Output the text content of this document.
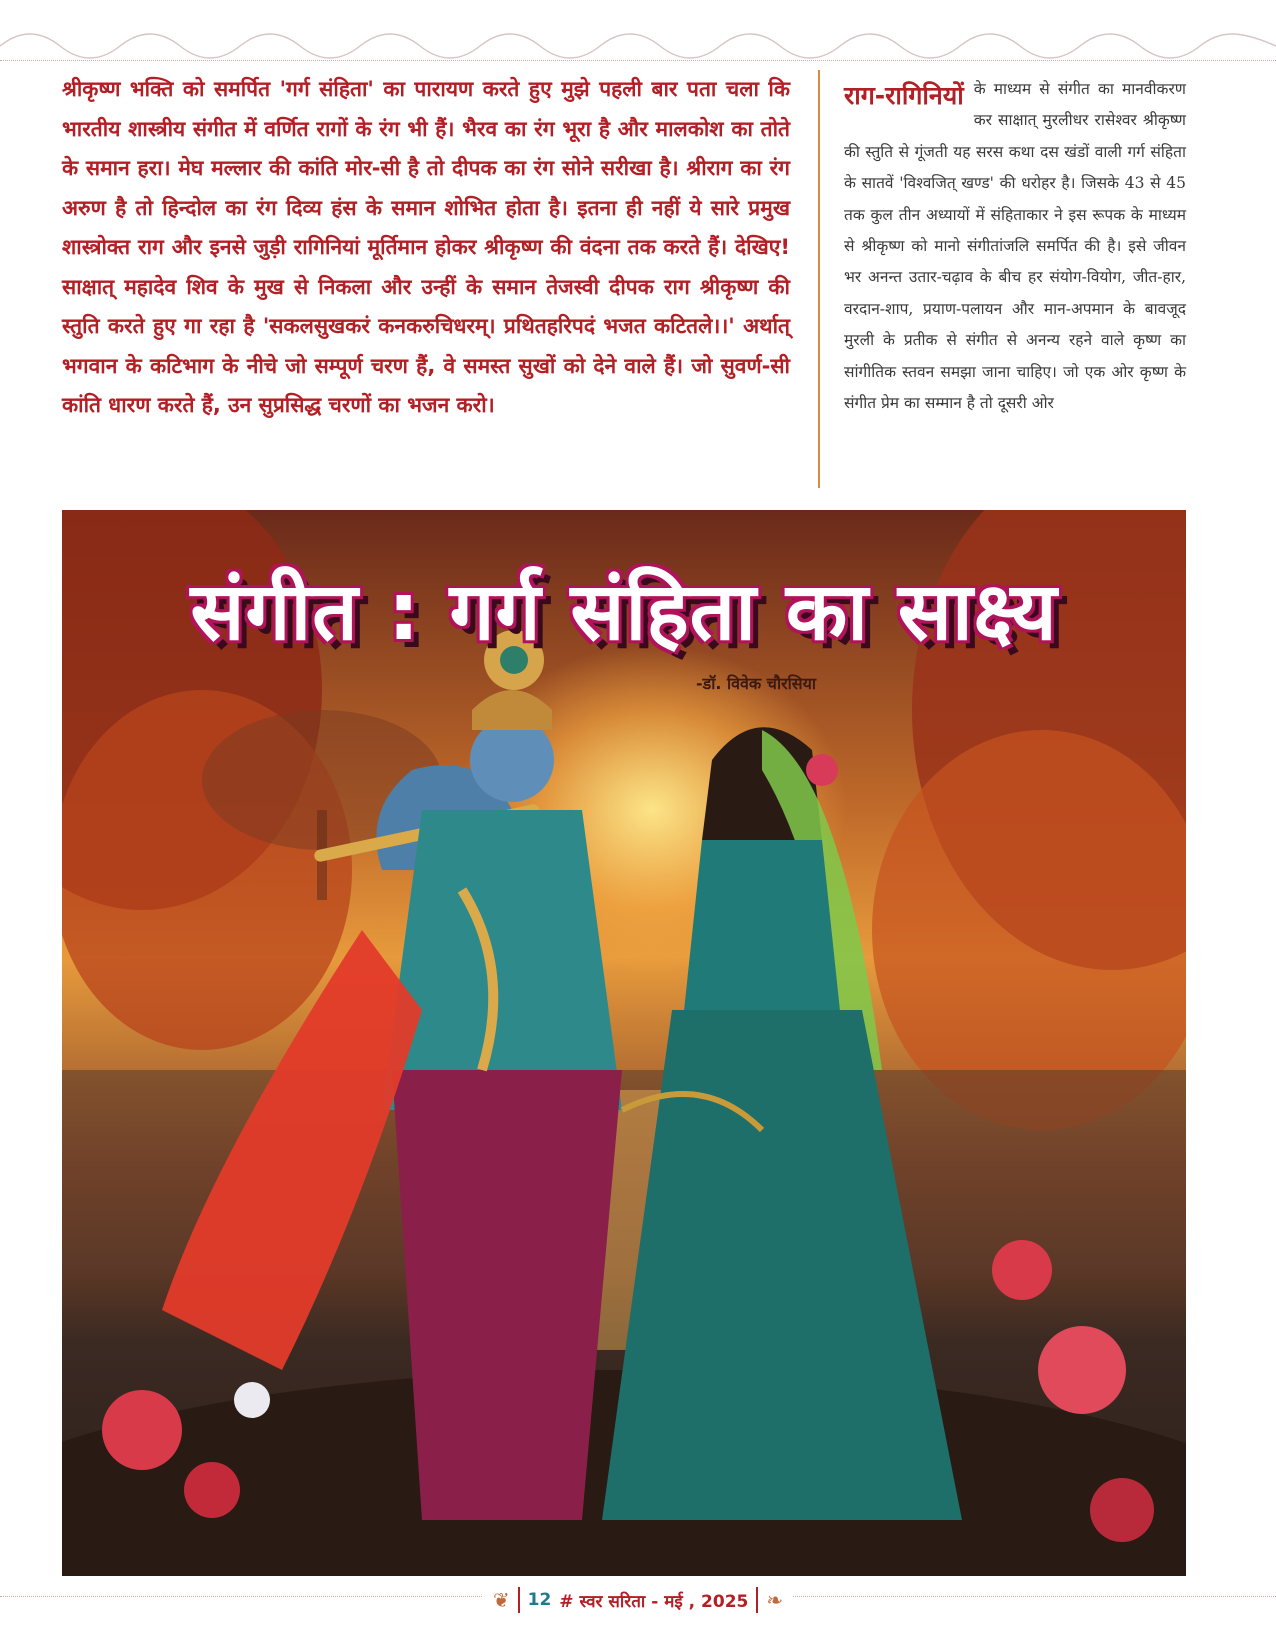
श्रीकृष्ण भक्ति को समर्पित 'गर्ग संहिता' का पारायण करते हुए मुझे पहली बार पता चला कि भारतीय शास्त्रीय संगीत में वर्णित रागों के रंग भी हैं। भैरव का रंग भूरा है और मालकोश का तोते के समान हरा। मेघ मल्लार की कांति मोर-सी है तो दीपक का रंग सोने सरीखा है। श्रीराग का रंग अरुण है तो हिन्दोल का रंग दिव्य हंस के समान शोभित होता है। इतना ही नहीं ये सारे प्रमुख शास्त्रोक्त राग और इनसे जुड़ी रागिनियां मूर्तिमान होकर श्रीकृष्ण की वंदना तक करते हैं। देखिए! साक्षात् महादेव शिव के मुख से निकला और उन्हीं के समान तेजस्वी दीपक राग श्रीकृष्ण की स्तुति करते हुए गा रहा है 'सकलसुखकरं कनकरुचिधरम्। प्रथितहरिपदं भजत कटितले।।' अर्थात् भगवान के कटिभाग के नीचे जो सम्पूर्ण चरण हैं, वे समस्त सुखों को देने वाले हैं। जो सुवर्ण-सी कांति धारण करते हैं, उन सुप्रसिद्ध चरणों का भजन करो।
राग-रागिनियों के माध्यम से संगीत का मानवीकरण कर साक्षात् मुरलीधर रासेश्वर श्रीकृष्ण की स्तुति से गूंजती यह सरस कथा दस खंडों वाली गर्ग संहिता के सातवें 'विश्वजित् खण्ड' की धरोहर है। जिसके 43 से 45 तक कुल तीन अध्यायों में संहिताकार ने इस रूपक के माध्यम से श्रीकृष्ण को मानो संगीतांजलि समर्पित की है। इसे जीवन भर अनन्त उतार-चढ़ाव के बीच हर संयोग-वियोग, जीत-हार, वरदान-शाप, प्रयाण-पलायन और मान-अपमान के बावजूद मुरली के प्रतीक से संगीत से अनन्य रहने वाले कृष्ण का सांगीतिक स्तवन समझा जाना चाहिए। जो एक ओर कृष्ण के संगीत प्रेम का सम्मान है तो दूसरी ओर
संगीत : गर्ग संहिता का साक्ष्य
-डॉ. विवेक चौरसिया
❦ 12 # स्वर सरिता - मई , 2025 ❧
